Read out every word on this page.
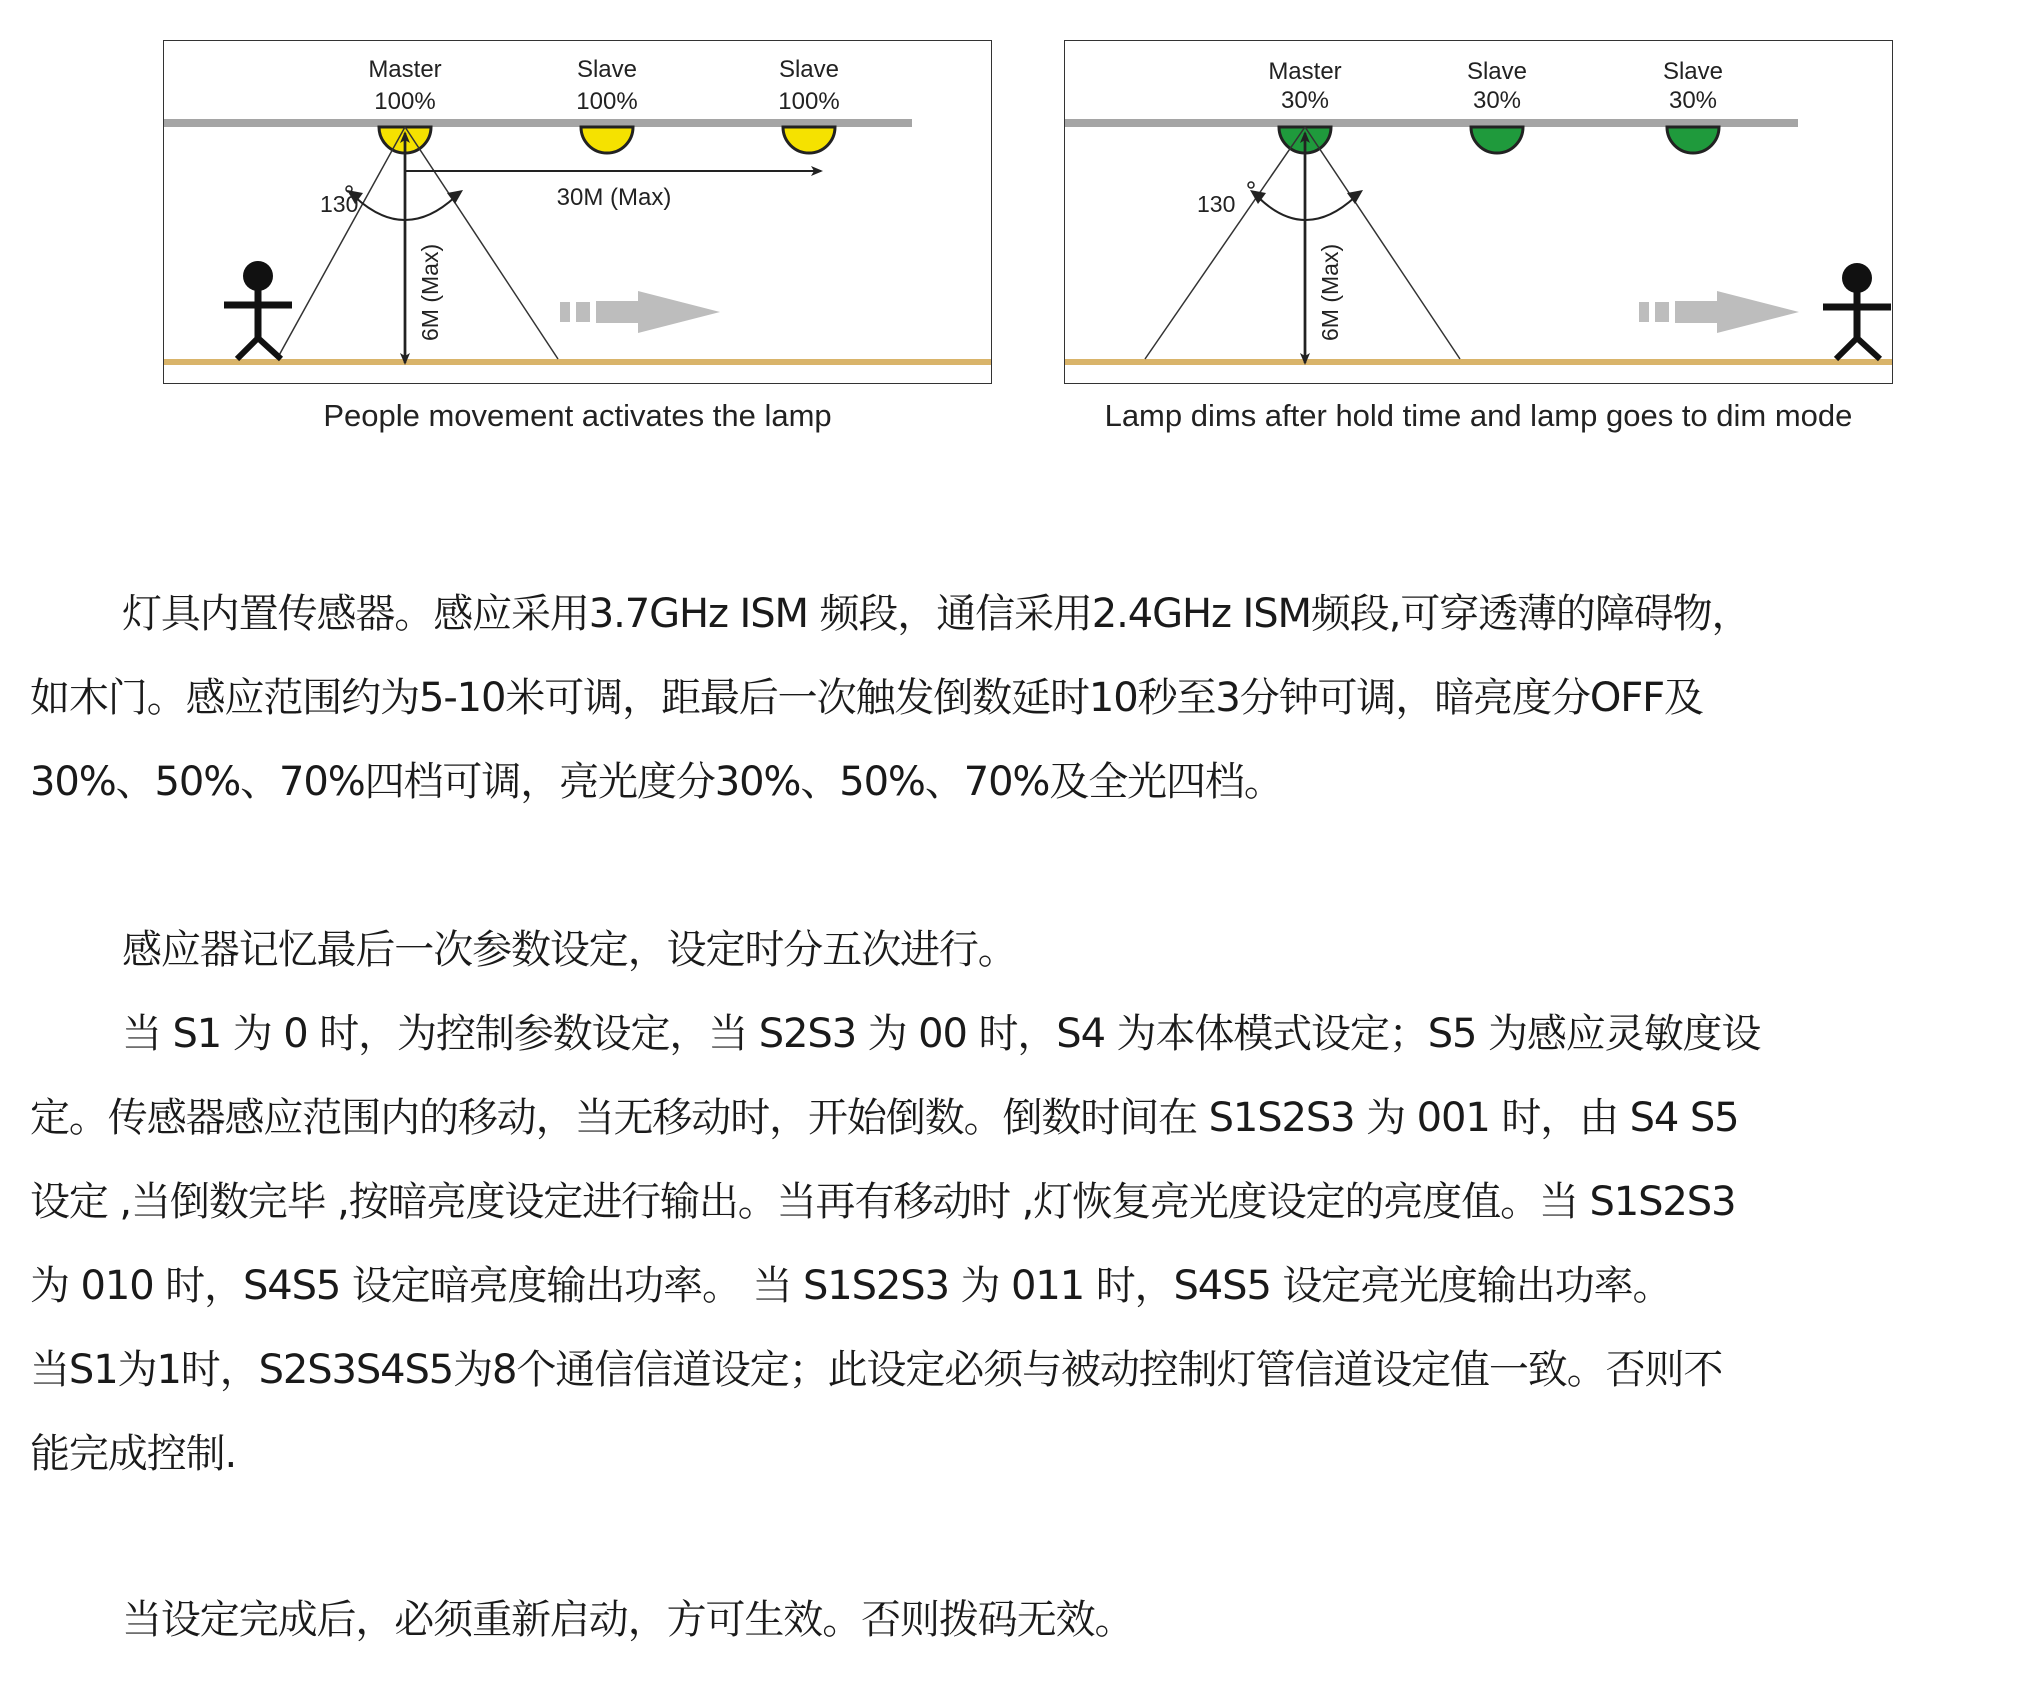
Master
100%
Slave
100%
Slave
100%
30M (Max)
130
6M (Max)
People movement activates the lamp
Master
30%
Slave
30%
Slave
30%
130
6M (Max)
Lamp dims after hold time and lamp goes to dim mode

灯具内置传感器。感应采用3.7GHz ISM 频段，通信采用2.4GHz ISM频段,可穿透薄的障碍物，

如木门。感应范围约为5-10米可调，距最后一次触发倒数延时10秒至3分钟可调，暗亮度分OFF及

30%、50%、70%四档可调，亮光度分30%、50%、70%及全光四档。

感应器记忆最后一次参数设定，设定时分五次进行。

当 S1 为 0 时，为控制参数设定，当 S2S3 为 00 时，S4 为本体模式设定；S5 为感应灵敏度设

定。传感器感应范围内的移动，当无移动时，开始倒数。倒数时间在 S1S2S3 为 001 时，由 S4 S5

设定 ,当倒数完毕 ,按暗亮度设定进行输出。当再有移动时 ,灯恢复亮光度设定的亮度值。当 S1S2S3

为 010 时，S4S5 设定暗亮度输出功率。 当 S1S2S3 为 011 时，S4S5 设定亮光度输出功率。

当S1为1时，S2S3S4S5为8个通信信道设定；此设定必须与被动控制灯管信道设定值一致。否则不

能完成控制.

当设定完成后，必须重新启动，方可生效。否则拨码无效。
